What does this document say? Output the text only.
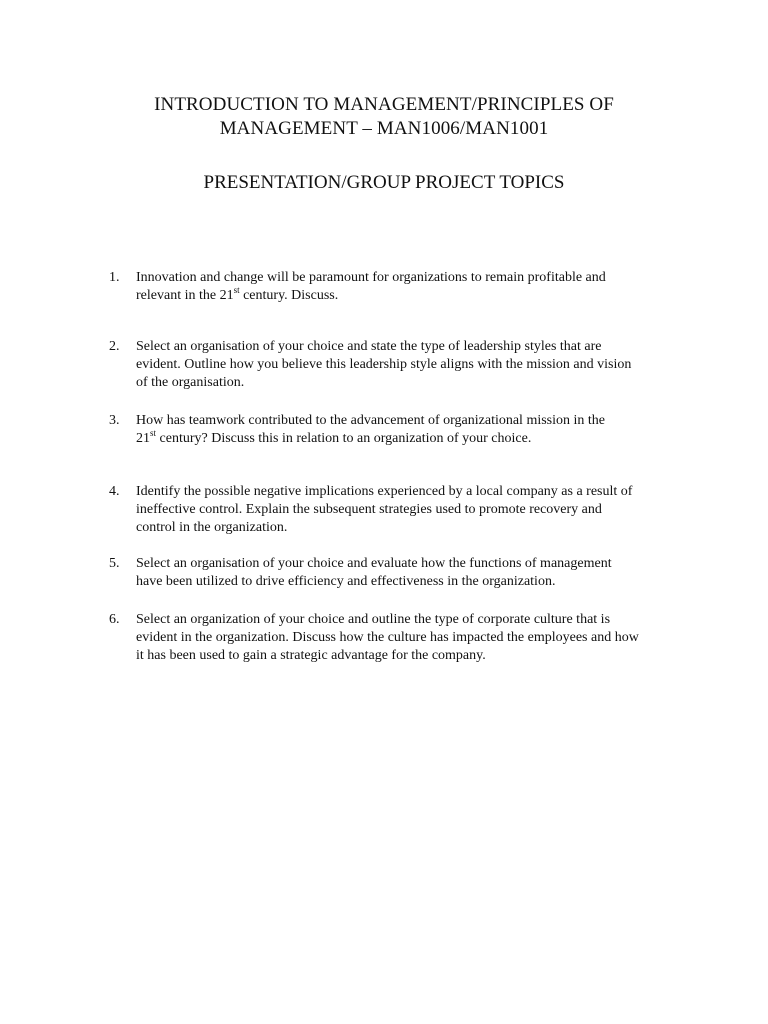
INTRODUCTION TO MANAGEMENT/PRINCIPLES OF
MANAGEMENT – MAN1006/MAN1001
PRESENTATION/GROUP PROJECT TOPICS
1.	Innovation and change will be paramount for organizations to remain profitable and
relevant in the 21st century. Discuss.
2.	Select an organisation of your choice and state the type of leadership styles that are
evident. Outline how you believe this leadership style aligns with the mission and vision
of the organisation.
3.	How has teamwork contributed to the advancement of organizational mission in the
21st century? Discuss this in relation to an organization of your choice.
4.	Identify the possible negative implications experienced by a local company as a result of
ineffective control. Explain the subsequent strategies used to promote recovery and
control in the organization.
5.	Select an organisation of your choice and evaluate how the functions of management
have been utilized to drive efficiency and effectiveness in the organization.
6.	Select an organization of your choice and outline the type of corporate culture that is
evident in the organization. Discuss how the culture has impacted the employees and how
it has been used to gain a strategic advantage for the company.
